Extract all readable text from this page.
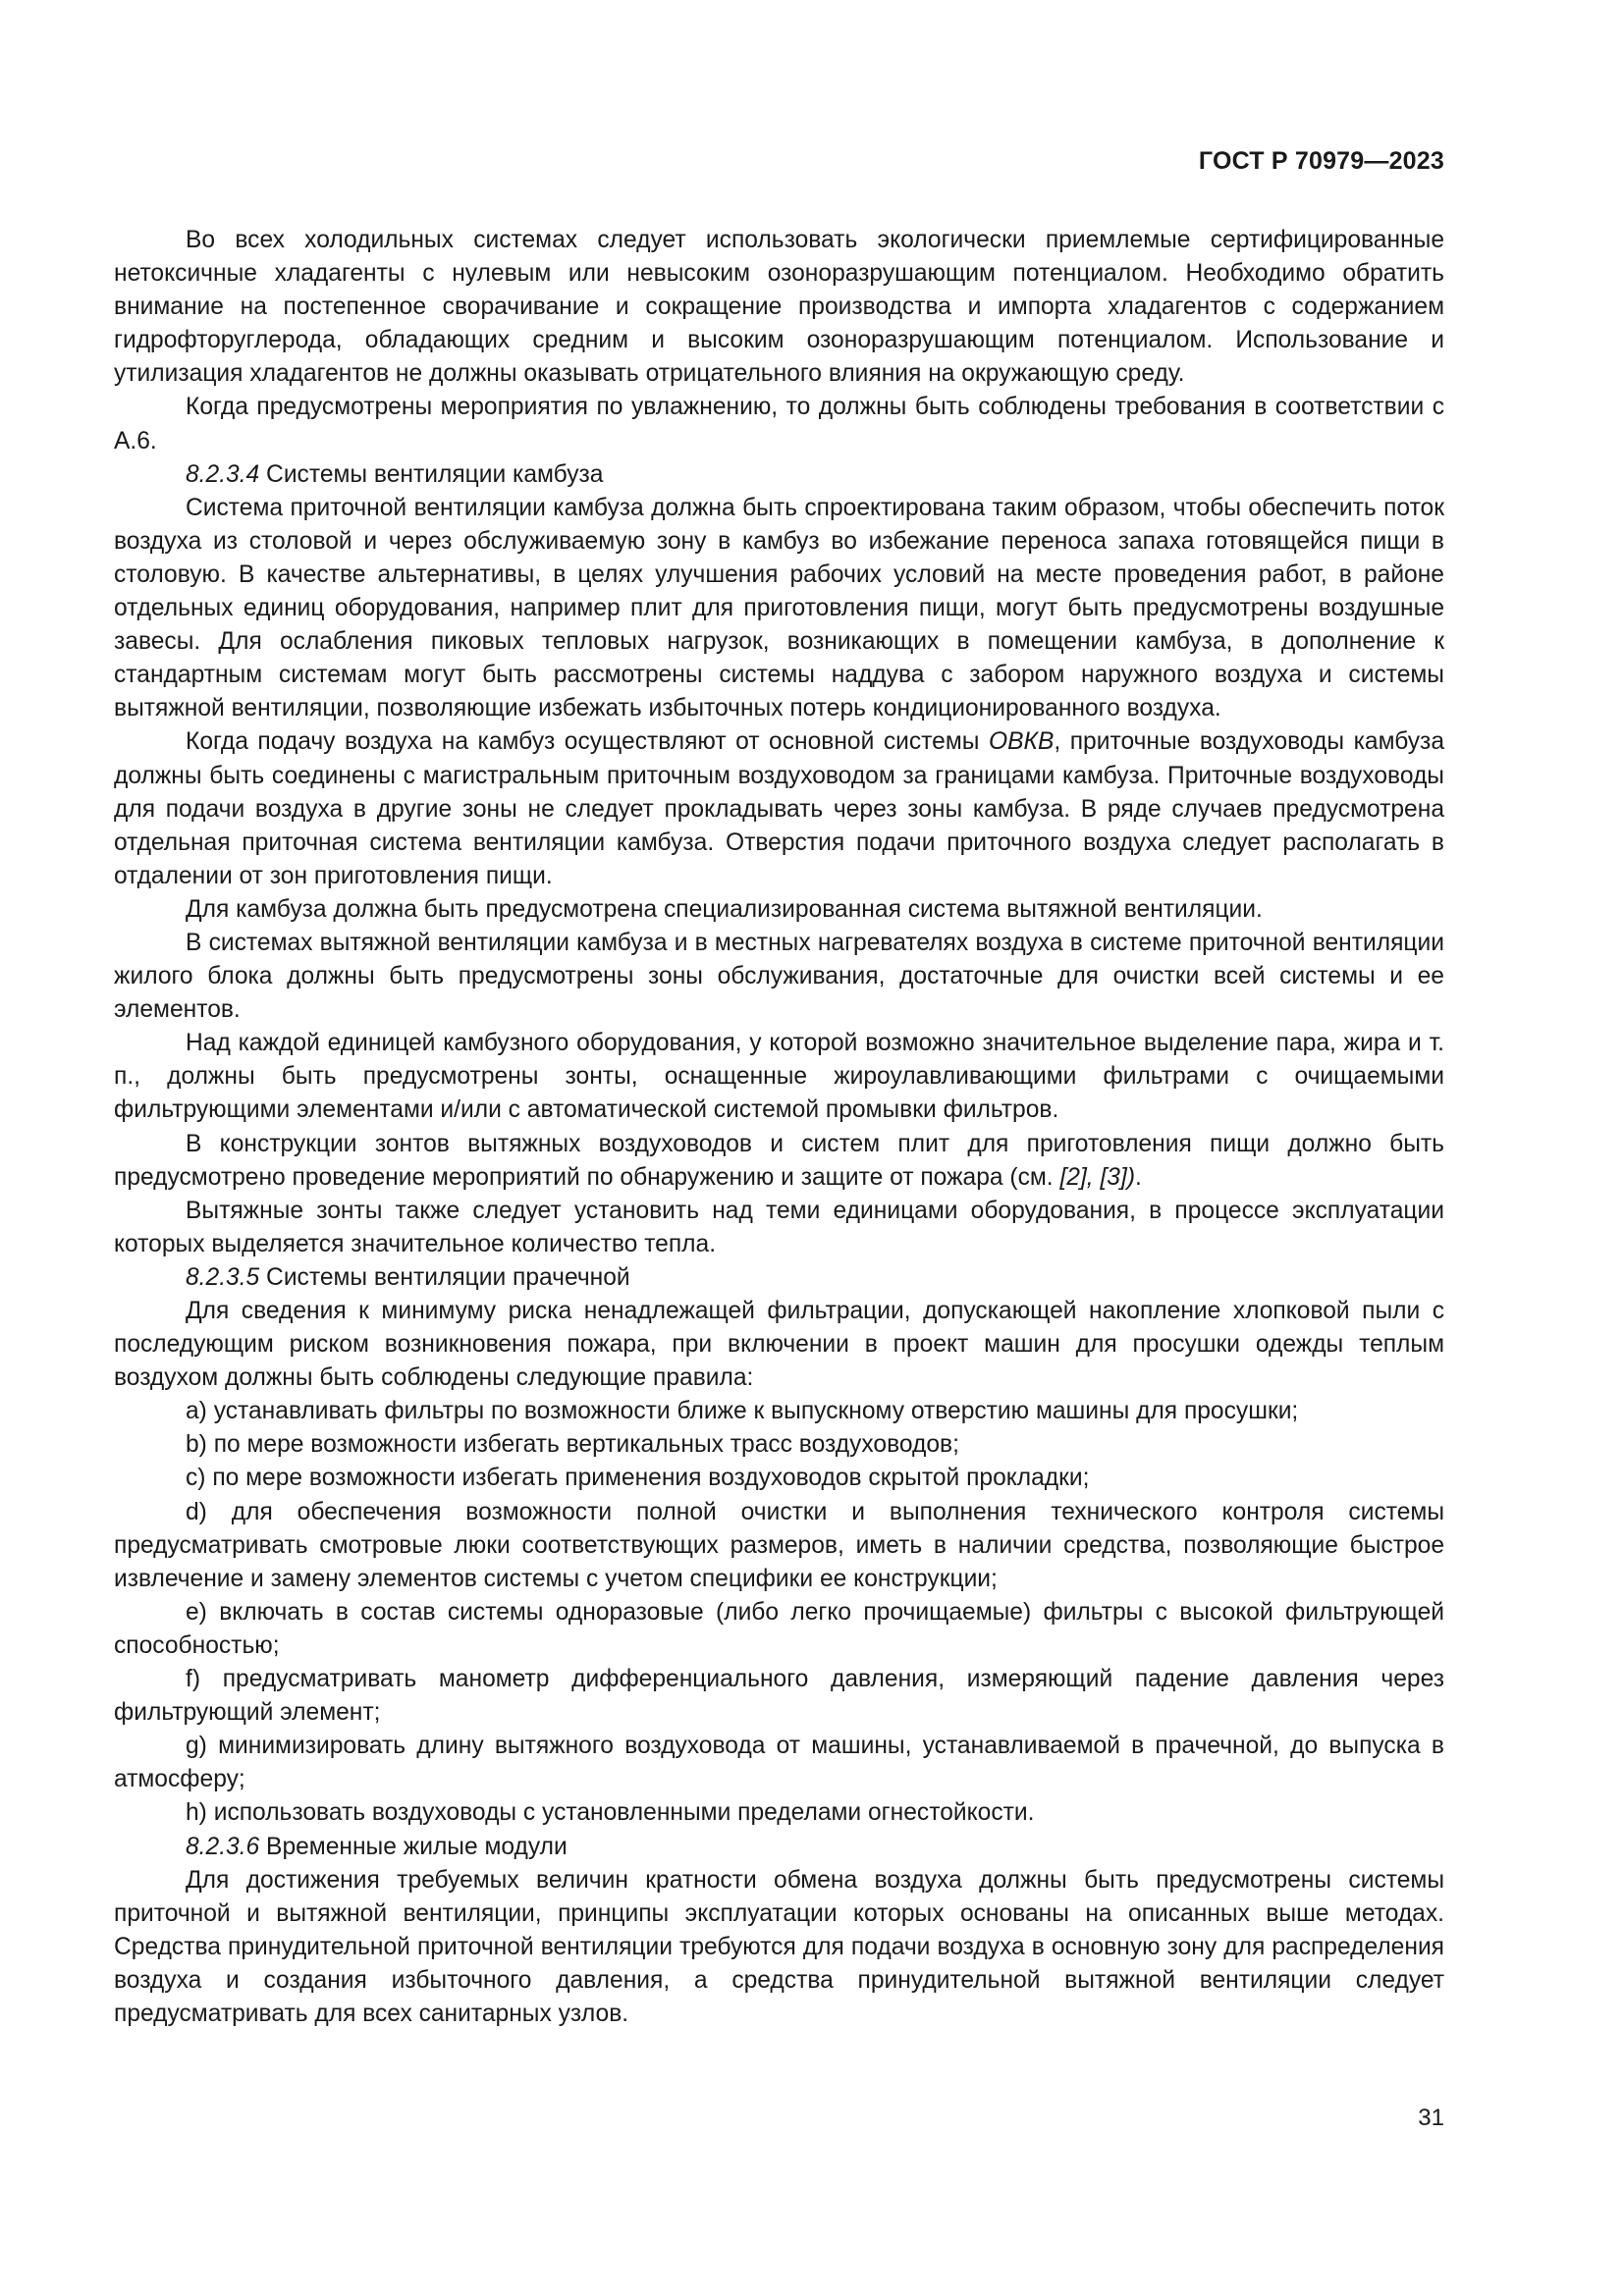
ГОСТ Р 70979—2023

Во всех холодильных системах следует использовать экологически приемлемые сертифицированные нетоксичные хладагенты с нулевым или невысоким озоноразрушающим потенциалом. Необходимо обратить внимание на постепенное сворачивание и сокращение производства и импорта хладагентов с содержанием гидрофторуглерода, обладающих средним и высоким озоноразрушающим потенциалом. Использование и утилизация хладагентов не должны оказывать отрицательного влияния на окружающую среду.

Когда предусмотрены мероприятия по увлажнению, то должны быть соблюдены требования в соответствии с А.6.

8.2.3.4 Системы вентиляции камбуза

Система приточной вентиляции камбуза должна быть спроектирована таким образом, чтобы обеспечить поток воздуха из столовой и через обслуживаемую зону в камбуз во избежание переноса запаха готовящейся пищи в столовую. В качестве альтернативы, в целях улучшения рабочих условий на месте проведения работ, в районе отдельных единиц оборудования, например плит для приготовления пищи, могут быть предусмотрены воздушные завесы. Для ослабления пиковых тепловых нагрузок, возникающих в помещении камбуза, в дополнение к стандартным системам могут быть рассмотрены системы наддува с забором наружного воздуха и системы вытяжной вентиляции, позволяющие избежать избыточных потерь кондиционированного воздуха.

Когда подачу воздуха на камбуз осуществляют от основной системы ОВКВ, приточные воздуховоды камбуза должны быть соединены с магистральным приточным воздуховодом за границами камбуза. Приточные воздуховоды для подачи воздуха в другие зоны не следует прокладывать через зоны камбуза. В ряде случаев предусмотрена отдельная приточная система вентиляции камбуза. Отверстия подачи приточного воздуха следует располагать в отдалении от зон приготовления пищи.

Для камбуза должна быть предусмотрена специализированная система вытяжной вентиляции.

В системах вытяжной вентиляции камбуза и в местных нагревателях воздуха в системе приточной вентиляции жилого блока должны быть предусмотрены зоны обслуживания, достаточные для очистки всей системы и ее элементов.

Над каждой единицей камбузного оборудования, у которой возможно значительное выделение пара, жира и т. п., должны быть предусмотрены зонты, оснащенные жироулавливающими фильтрами с очищаемыми фильтрующими элементами и/или с автоматической системой промывки фильтров.

В конструкции зонтов вытяжных воздуховодов и систем плит для приготовления пищи должно быть предусмотрено проведение мероприятий по обнаружению и защите от пожара (см. [2], [3]).

Вытяжные зонты также следует установить над теми единицами оборудования, в процессе эксплуатации которых выделяется значительное количество тепла.

8.2.3.5 Системы вентиляции прачечной

Для сведения к минимуму риска ненадлежащей фильтрации, допускающей накопление хлопковой пыли с последующим риском возникновения пожара, при включении в проект машин для просушки одежды теплым воздухом должны быть соблюдены следующие правила:

a) устанавливать фильтры по возможности ближе к выпускному отверстию машины для просушки;

b) по мере возможности избегать вертикальных трасс воздуховодов;

c) по мере возможности избегать применения воздуховодов скрытой прокладки;

d) для обеспечения возможности полной очистки и выполнения технического контроля системы предусматривать смотровые люки соответствующих размеров, иметь в наличии средства, позволяющие быстрое извлечение и замену элементов системы с учетом специфики ее конструкции;

e) включать в состав системы одноразовые (либо легко прочищаемые) фильтры с высокой фильтрующей способностью;

f) предусматривать манометр дифференциального давления, измеряющий падение давления через фильтрующий элемент;

g) минимизировать длину вытяжного воздуховода от машины, устанавливаемой в прачечной, до выпуска в атмосферу;

h) использовать воздуховоды с установленными пределами огнестойкости.

8.2.3.6 Временные жилые модули

Для достижения требуемых величин кратности обмена воздуха должны быть предусмотрены системы приточной и вытяжной вентиляции, принципы эксплуатации которых основаны на описанных выше методах. Средства принудительной приточной вентиляции требуются для подачи воздуха в основную зону для распределения воздуха и создания избыточного давления, а средства принудительной вытяжной вентиляции следует предусматривать для всех санитарных узлов.

31
